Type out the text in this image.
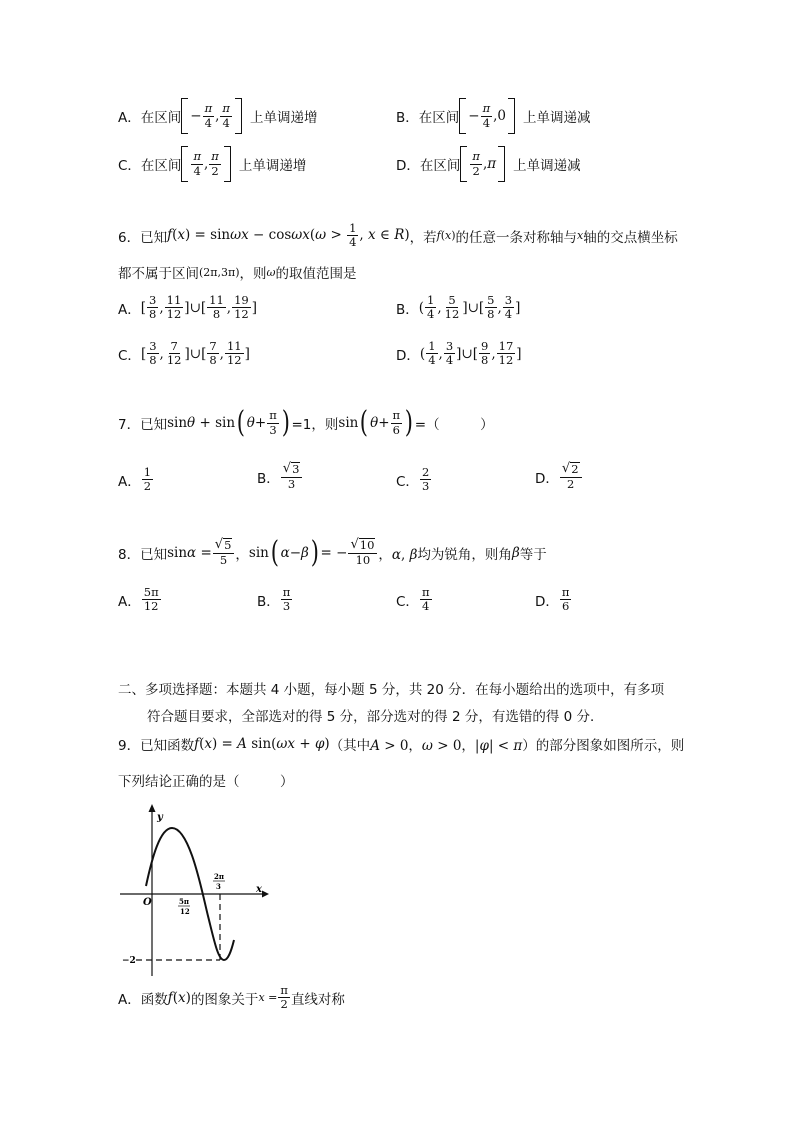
A．在区间 − π
4 , π
4 上单调递增	B．在区间 − π
4 ,0	上单调递减
C．在区间
π
4 , π
2 上单调递增	D．在区间
π
2 , π 上单调递减
6．已知 $f(x) = \sin\omega x - \cos\omega x(\omega > \frac{1}{4}$ , x ∈ R) ，若 f(x) 的任意一条对称轴与 x 轴的交点横坐标
都不属于区间 (2π,3π) ，则 ω 的取值范围是
A． [ 3
8 , 11
12 ]∪[ 11
8 , 19
12 ]	B． ( 1
4 , 5
12 ]∪[ 5
8 , 3
4 ]
C． [ 3
8 , 7
12 ]∪[ 7
8 , 11
12 ]	D． ( 1
4 , 3
4 ]∪[ 9
8 , 17
12 ]
7．已知 sinθ + sin ( θ + π
3 ) =1，则 sin ( θ + π
6 ) =（　　　）
A．
1
2	B．
√ 3
3	C．
2
3	D．
√ 2
2
8．已知 $\sin\alpha = \frac{√ 5}{5}$ ， sin ( α − β ) = − $\frac{√ 10}{10}$ ，α, β 均为锐角，则角 β 等于
A．
5π
12	B．
π
3	C．
π
4	D．
π
6
二、多项选择题：本题共 4 小题，每小题 5 分，共 20 分．在每小题给出的选项中，有多项
符合题目要求，全部选对的得 5 分，部分选对的得 2 分，有选错的得 0 分．
9．已知函数 f(x) = A sin(ωx + φ) （其中 A > 0，ω > 0，|φ| < π ）的部分图象如图所示，则
下列结论正确的是（　　　）
y
x
O	5π
12
2π
3
−2
A．函数 f(x) 的图象关于 $x = \frac{\pi}{2}$ 直线对称
